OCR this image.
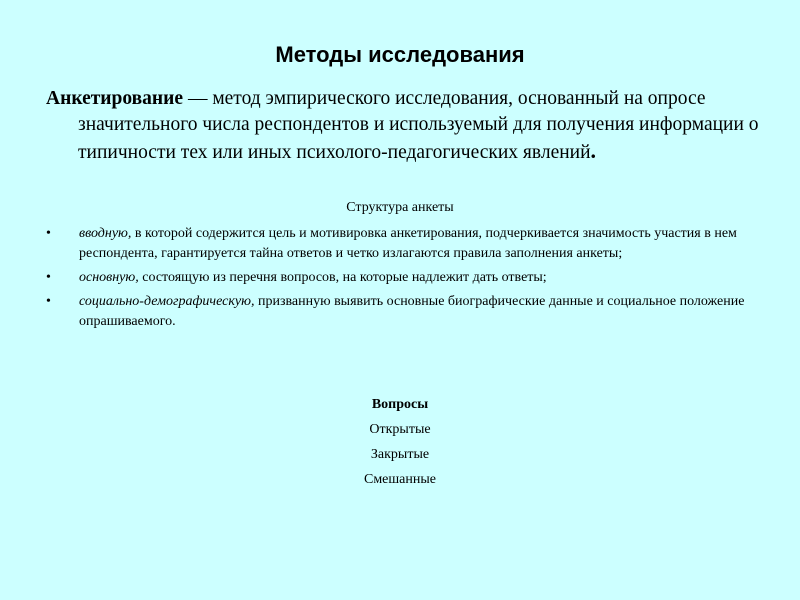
Методы исследования

Анкетирование — метод эмпирического исследования, основанный на опросе значительного числа респондентов и используемый для получения информации о типичности тех или иных психолого-педагогических явлений.

Структура анкеты
• вводную, в которой содержится цель и мотивировка анкетирования, подчеркивается значимость участия в нем респондента, гарантируется тайна ответов и четко излагаются правила заполнения анкеты;
• основную, состоящую из перечня вопросов, на которые надлежит дать ответы;
• социально-демографическую, призванную выявить основные биографические данные и социальное положение опрашиваемого.
Вопросы
Открытые
Закрытые
Смешанные
